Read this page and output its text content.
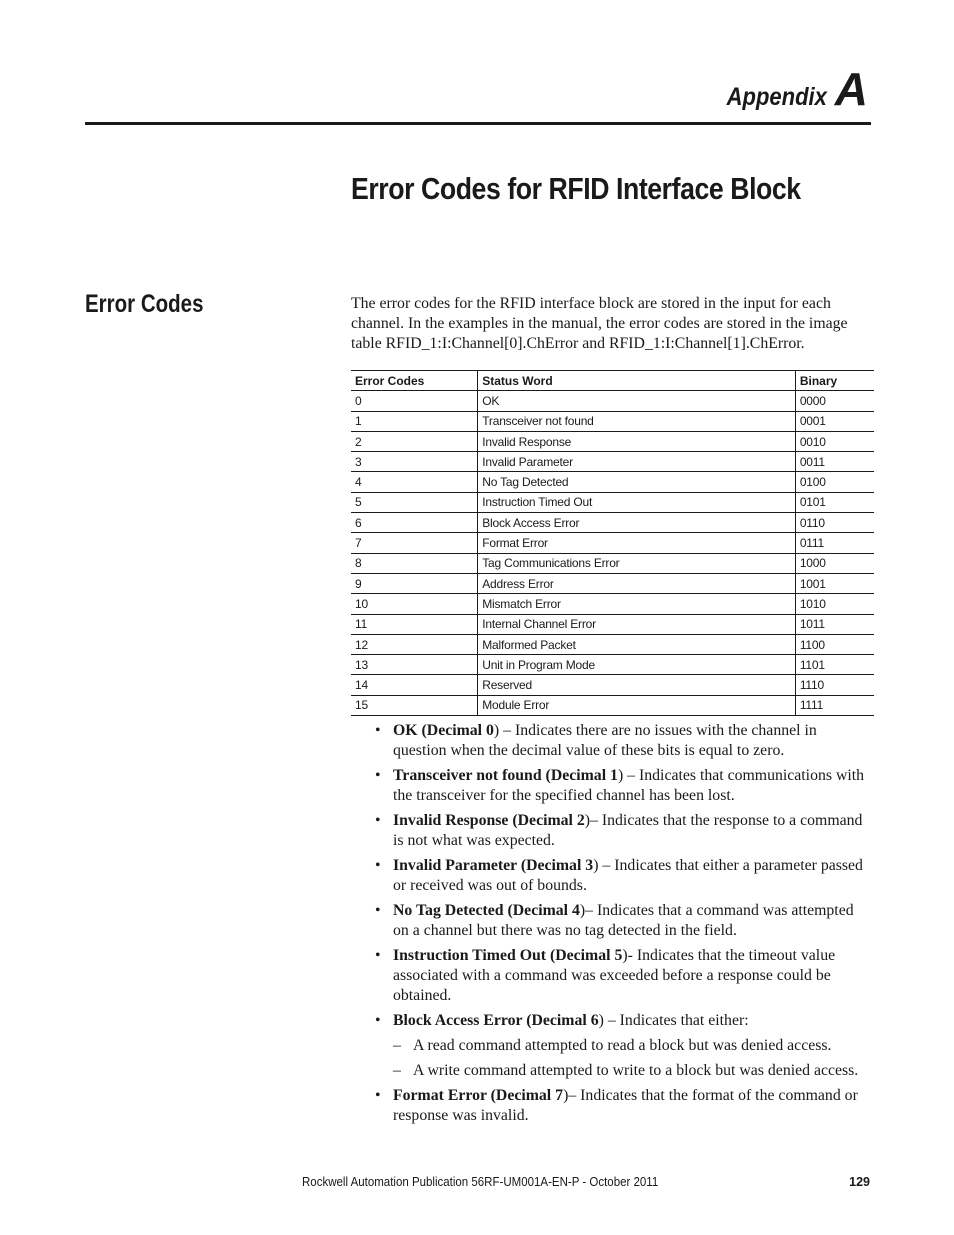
Appendix A
Error Codes for RFID Interface Block
Error Codes	The error codes for the RFID interface block are stored in the input for each channel. In the examples in the manual, the error codes are stored in the image table RFID_1:I:Channel[0].ChError and RFID_1:I:Channel[1].ChError.

Error Codes	Status Word	Binary
0	OK	0000
1	Transceiver not found	0001
2	Invalid Response	0010
3	Invalid Parameter	0011
4	No Tag Detected	0100
5	Instruction Timed Out	0101
6	Block Access Error	0110
7	Format Error	0111
8	Tag Communications Error	1000
9	Address Error	1001
10	Mismatch Error	1010
11	Internal Channel Error	1011
12	Malformed Packet	1100
13	Unit in Program Mode	1101
14	Reserved	1110
15	Module Error	1111
• OK (Decimal 0) – Indicates there are no issues with the channel in question when the decimal value of these bits is equal to zero.
• Transceiver not found (Decimal 1) – Indicates that communications with the transceiver for the specified channel has been lost.
• Invalid Response (Decimal 2)– Indicates that the response to a command is not what was expected.
• Invalid Parameter (Decimal 3) – Indicates that either a parameter passed or received was out of bounds.
• No Tag Detected (Decimal 4)– Indicates that a command was attempted on a channel but there was no tag detected in the field.
• Instruction Timed Out (Decimal 5)- Indicates that the timeout value associated with a command was exceeded before a response could be obtained.
• Block Access Error (Decimal 6) – Indicates that either:
– A read command attempted to read a block but was denied access.
– A write command attempted to write to a block but was denied access.
• Format Error (Decimal 7)– Indicates that the format of the command or response was invalid.
Rockwell Automation Publication 56RF-UM001A-EN-P - October 2011	129
